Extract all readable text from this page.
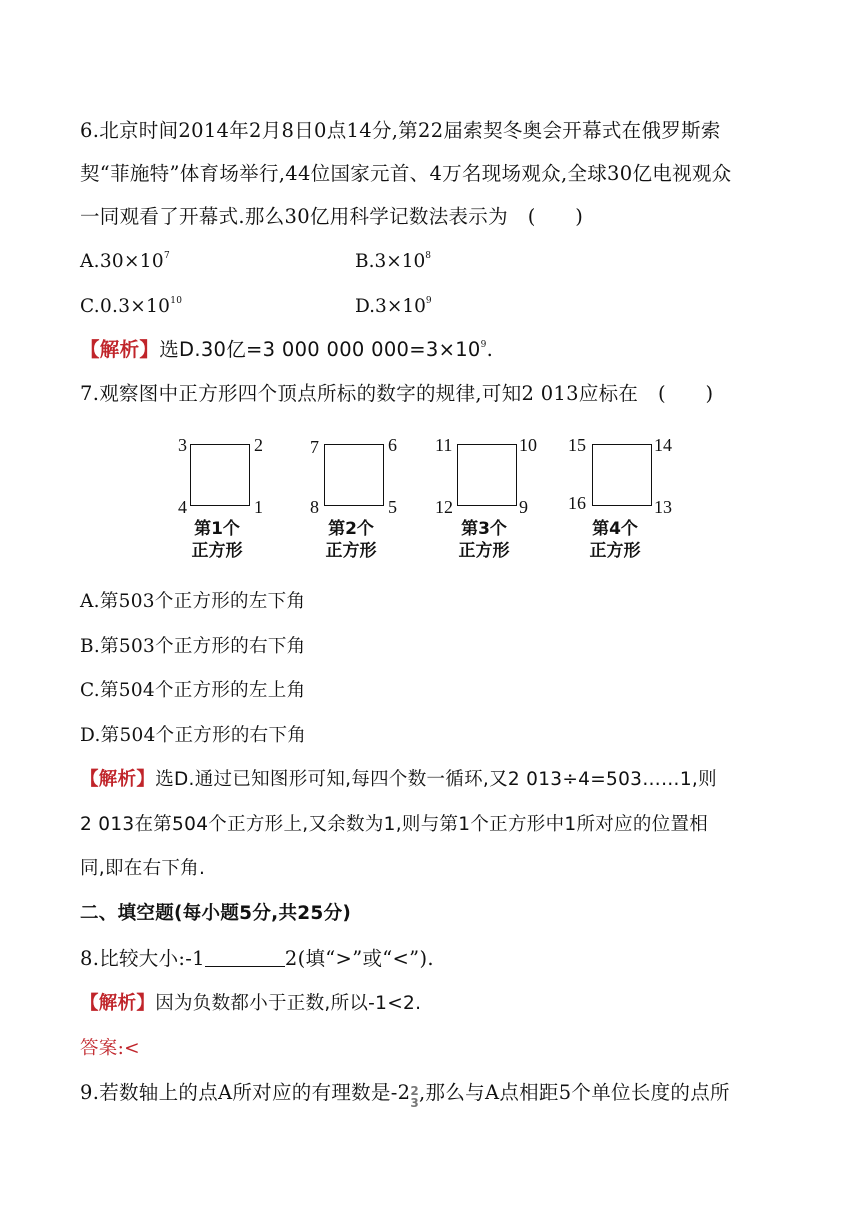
6.北京时间2014年2月8日0点14分,第22届索契冬奥会开幕式在俄罗斯索
契“菲施特”体育场举行,44位国家元首、4万名现场观众,全球30亿电视观众
一同观看了开幕式.那么30亿用科学记数法表示为　(　　)
$A.30\times 10^7$	$B.3\times 10^8$
$C.0.3\times 10^{10}$	$D.3\times 10^9$
【解析】选D.30亿=3 000 000 $000=3\times 10^9$.
7.观察图中正方形四个顶点所标的数字的规律,可知2 013应标在　(　　)
3	2
4	1
第1个
正方形
7	6
8	5
第2个
正方形
11	10
12	9
第3个
正方形
15	14
16	13
第4个
正方形
A.第503个正方形的左下角
B.第503个正方形的右下角
C.第504个正方形的左上角
D.第504个正方形的右下角
【解析】选D.通过已知图形可知,每四个数一循环,又2 013÷4=503……1,则
2 013在第504个正方形上,又余数为1,则与第1个正方形中1所对应的位置相
同,即在右下角.
二、填空题(每小题5分,共25分)
8.比较大小:-1	2(填“>”或“<”).
【解析】因为负数都小于正数,所以-1<2.
答案:<
9.若数轴上的点A所对应的有理数是-2 2
3 ,那么与A点相距5个单位长度的点所
